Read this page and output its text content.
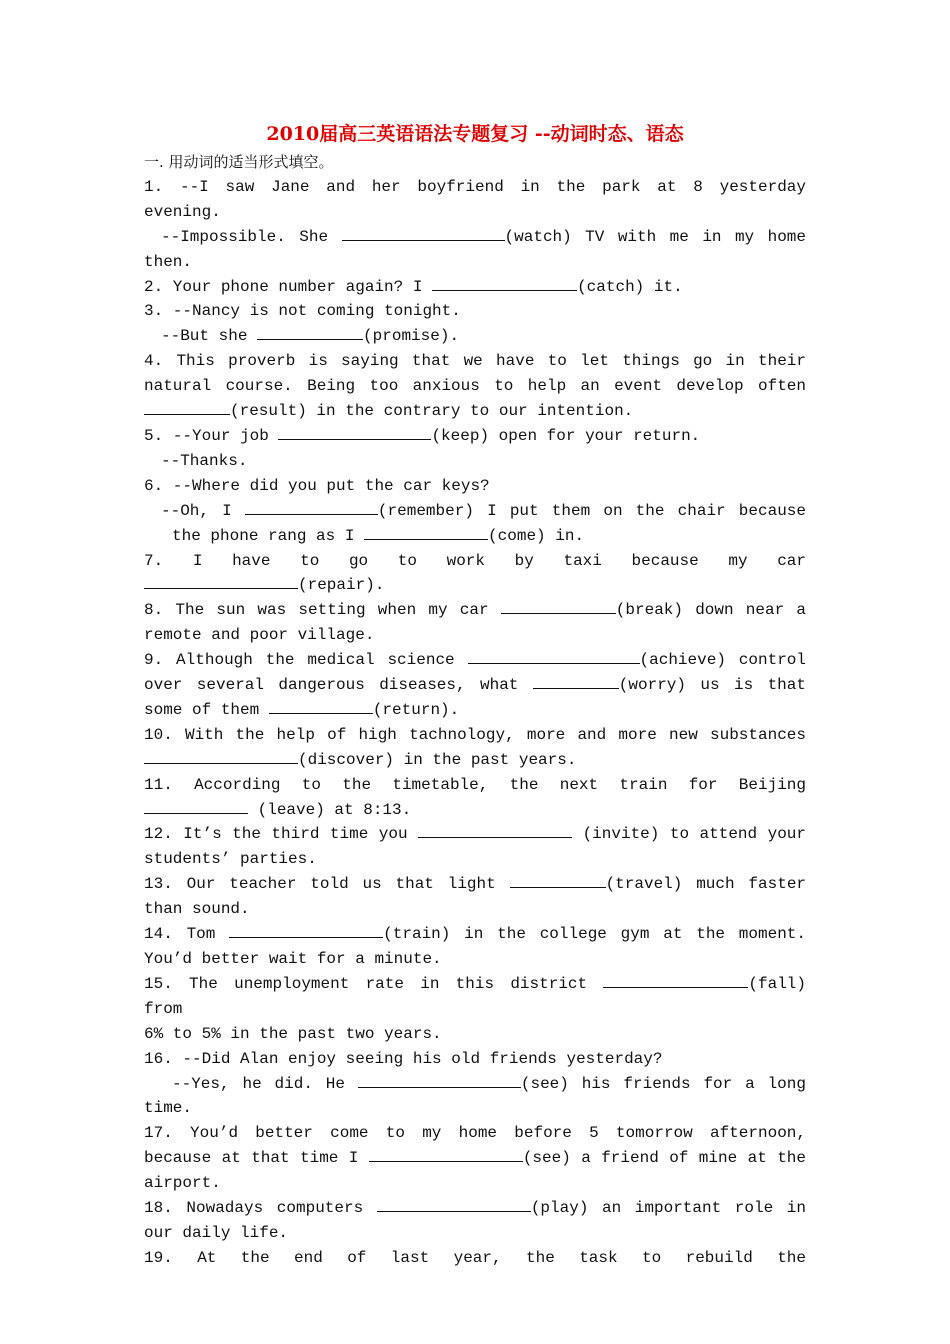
2010届高三英语语法专题复习 --动词时态、语态
一. 用动词的适当形式填空。
1. --I saw Jane and her boyfriend in the park at 8 yesterday evening.
--Impossible. She	(watch) TV with me in my home
then.
2. Your phone number again? I	(catch) it.
3. --Nancy is not coming tonight.
--But she	(promise).
4. This proverb is saying that we have to let things go in their
natural course. Being too anxious to help an event develop often
(result) in the contrary to our intention.
5. --Your job	(keep) open for your return.
--Thanks.
6. --Where did you put the car keys?
--Oh, I	(remember) I put them on the chair because
the phone rang as I	(come) in.
7. I have to go to work by taxi because my car
(repair).
8. The sun was setting when my car	(break) down near a
remote and poor village.
9. Although the medical science	(achieve) control
over several dangerous diseases, what	(worry) us is that
some of them	(return).
10. With the help of high tachnology, more and more new substances
(discover) in the past years.
11. According to the timetable, the next train for Beijing
(leave) at 8:13.
12. It’s the third time you	(invite) to attend your
students’ parties.
13. Our teacher told us that light	(travel) much faster
than sound.
14. Tom	(train) in the college gym at the moment.
You’d better wait for a minute.
15. The unemployment rate in this district	(fall) from
6% to 5% in the past two years.
16. --Did Alan enjoy seeing his old friends yesterday?
--Yes, he did. He	(see) his friends for a long
time.
17. You’d better come to my home before 5 tomorrow afternoon,
because at that time I	(see) a friend of mine at the
airport.
18. Nowadays computers	(play) an important role in
our daily life.
19. At the end of last year, the task to rebuild the
